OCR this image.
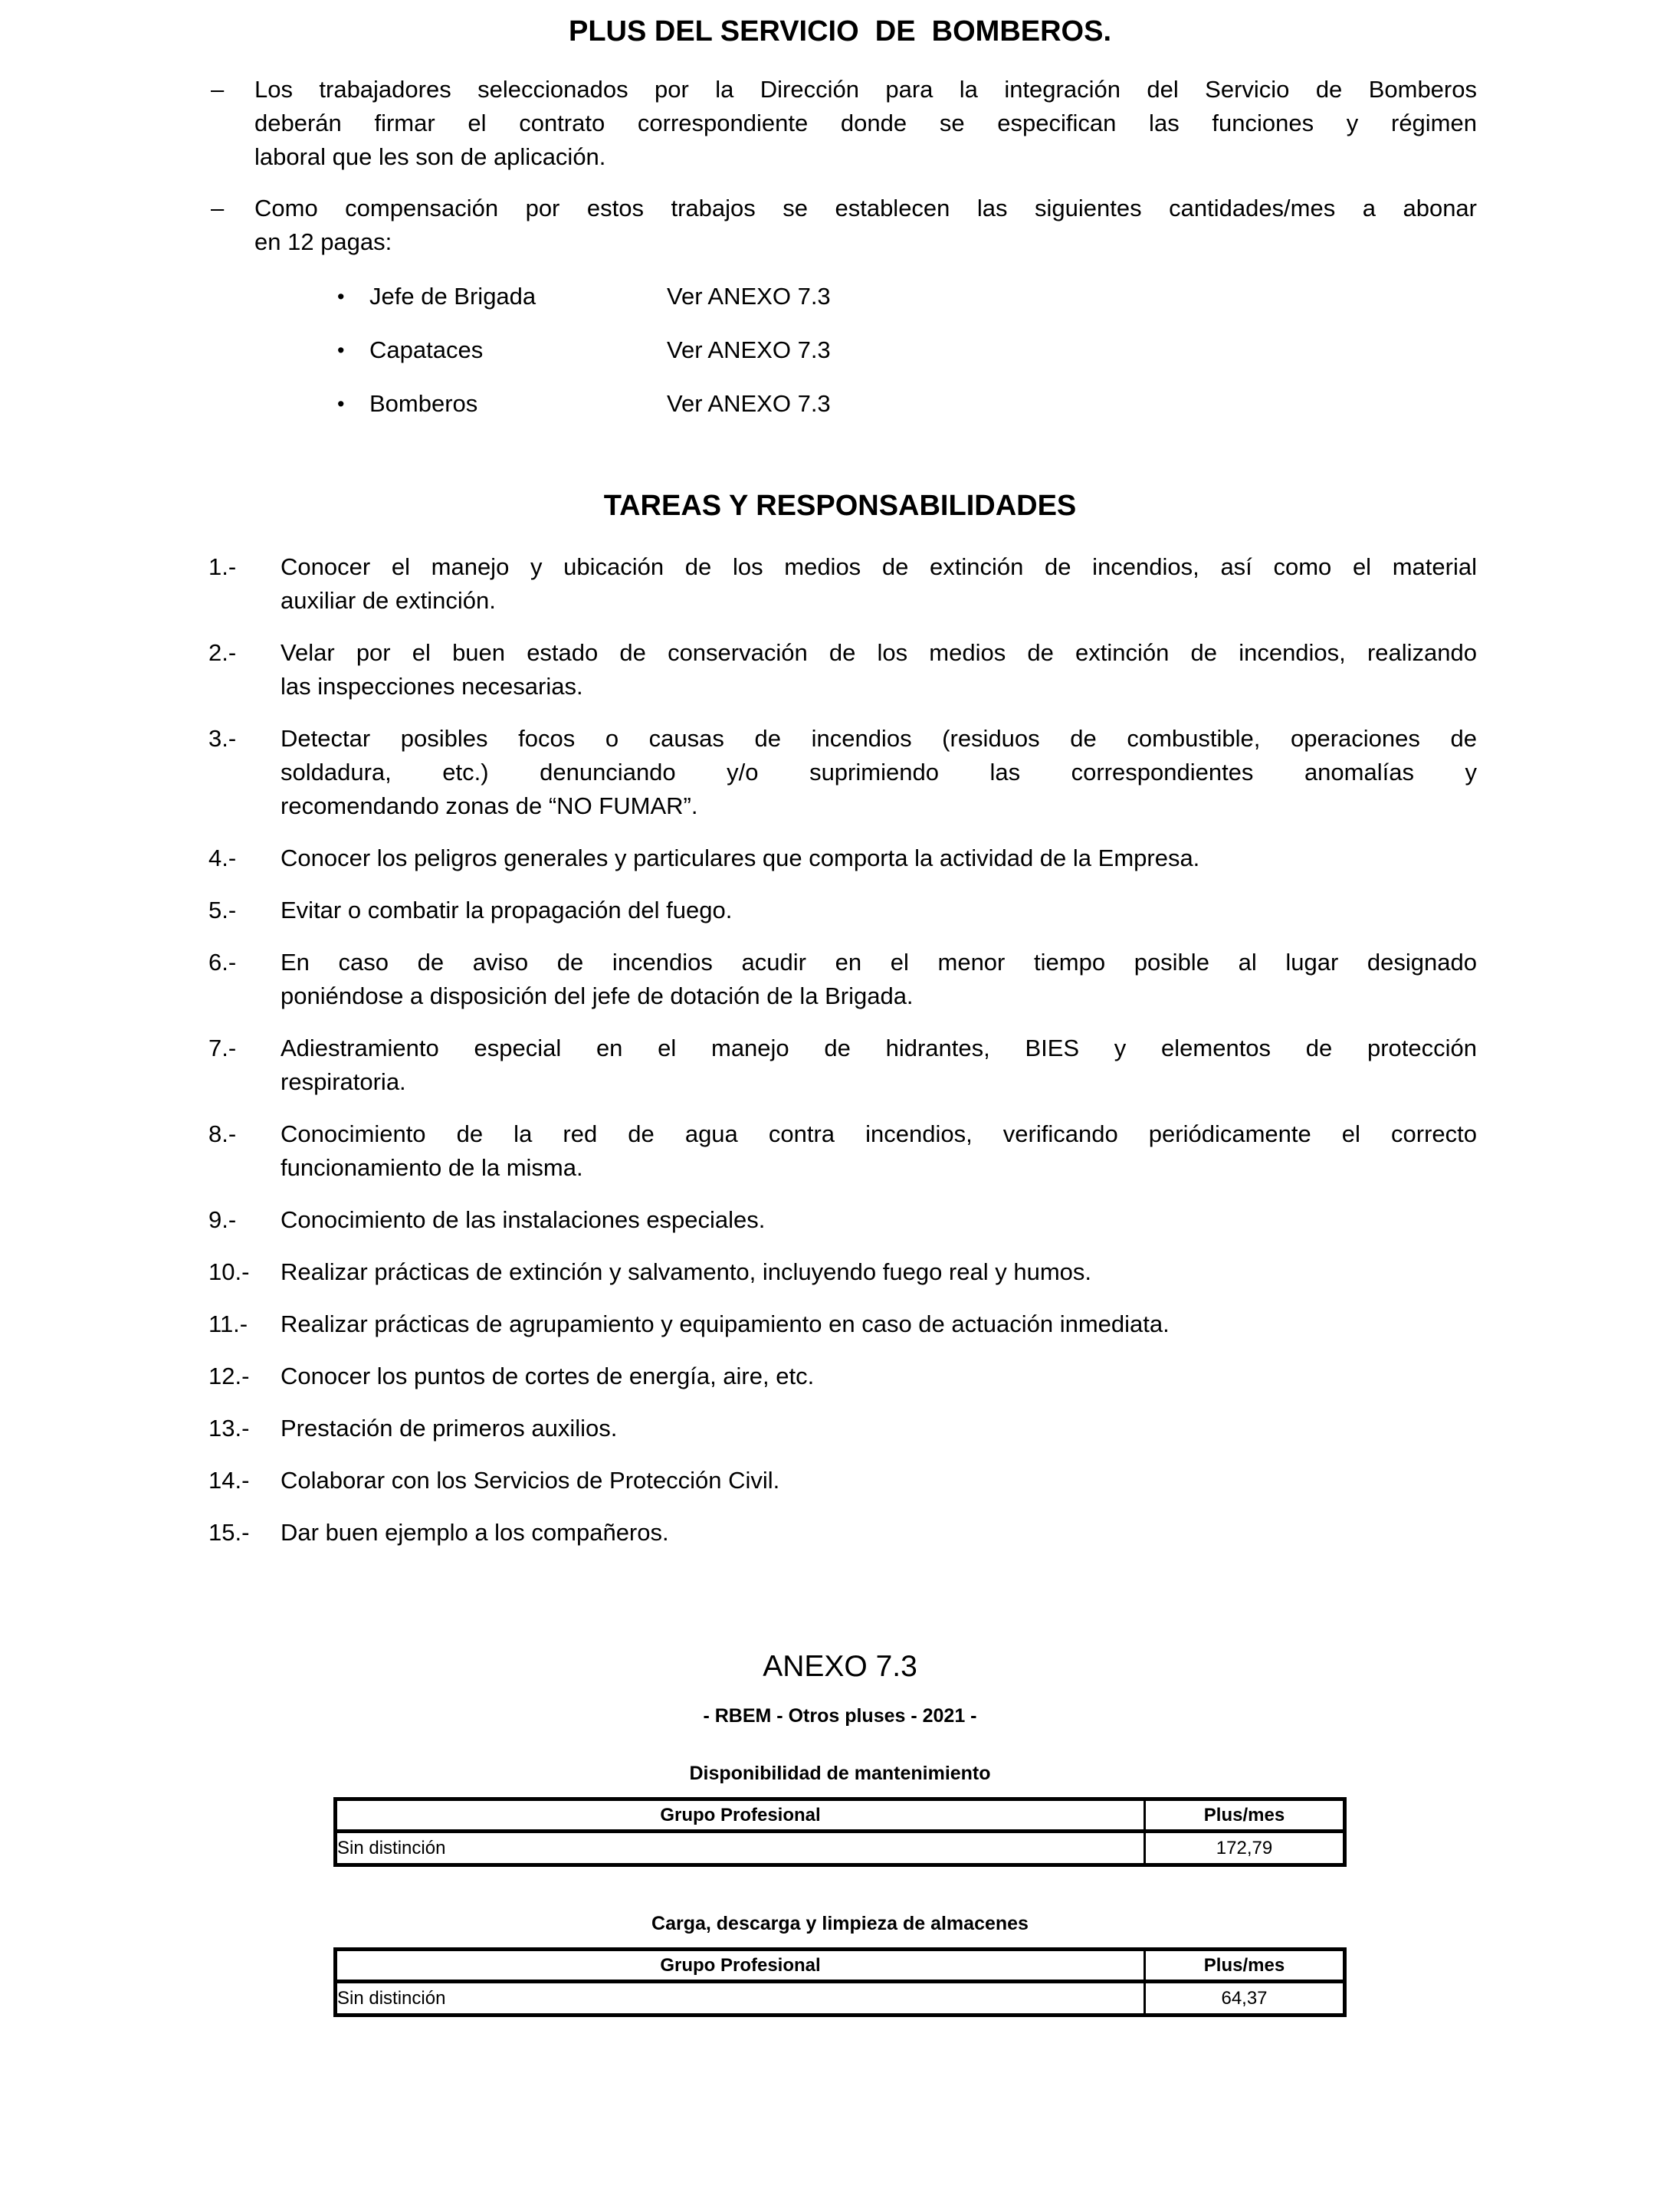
PLUS DEL SERVICIO  DE  BOMBEROS.
–	Los trabajadores seleccionados por la Dirección para la integración del Servicio de Bomberos
deberán firmar el contrato correspondiente donde se especifican las funciones y régimen
laboral que les son de aplicación.
–	Como compensación por estos trabajos se establecen las siguientes cantidades/mes a abonar
en 12 pagas:
•	Jefe de Brigada	Ver ANEXO 7.3
•	Capataces	Ver ANEXO 7.3
•	Bomberos	Ver ANEXO 7.3
TAREAS Y RESPONSABILIDADES
1.-	Conocer el manejo y ubicación de los medios de extinción de incendios, así como el material
auxiliar de extinción.
2.-	Velar por el buen estado de conservación de los medios de extinción de incendios, realizando
las inspecciones necesarias.
3.-	Detectar posibles focos o causas de incendios (residuos de combustible, operaciones de
soldadura, etc.) denunciando y/o suprimiendo las correspondientes anomalías y
recomendando zonas de “NO FUMAR”.
4.-	Conocer los peligros generales y particulares que comporta la actividad de la Empresa.
5.-	Evitar o combatir la propagación del fuego.
6.-	En caso de aviso de incendios acudir en el menor tiempo posible al lugar designado
poniéndose a disposición del jefe de dotación de la Brigada.
7.-	Adiestramiento especial en el manejo de hidrantes, BIES y elementos de protección
respiratoria.
8.-	Conocimiento de la red de agua contra incendios, verificando periódicamente el correcto
funcionamiento de la misma.
9.-	Conocimiento de las instalaciones especiales.
10.-	Realizar prácticas de extinción y salvamento, incluyendo fuego real y humos.
11.-	Realizar prácticas de agrupamiento y equipamiento en caso de actuación inmediata.
12.-	Conocer los puntos de cortes de energía, aire, etc.
13.-	Prestación de primeros auxilios.
14.-	Colaborar con los Servicios de Protección Civil.
15.-	Dar buen ejemplo a los compañeros.
ANEXO 7.3
- RBEM - Otros pluses - 2021 -
Disponibilidad de mantenimiento
Grupo Profesional	Plus/mes
Sin distinción	172,79
Carga, descarga y limpieza de almacenes
Grupo Profesional	Plus/mes
Sin distinción	64,37
